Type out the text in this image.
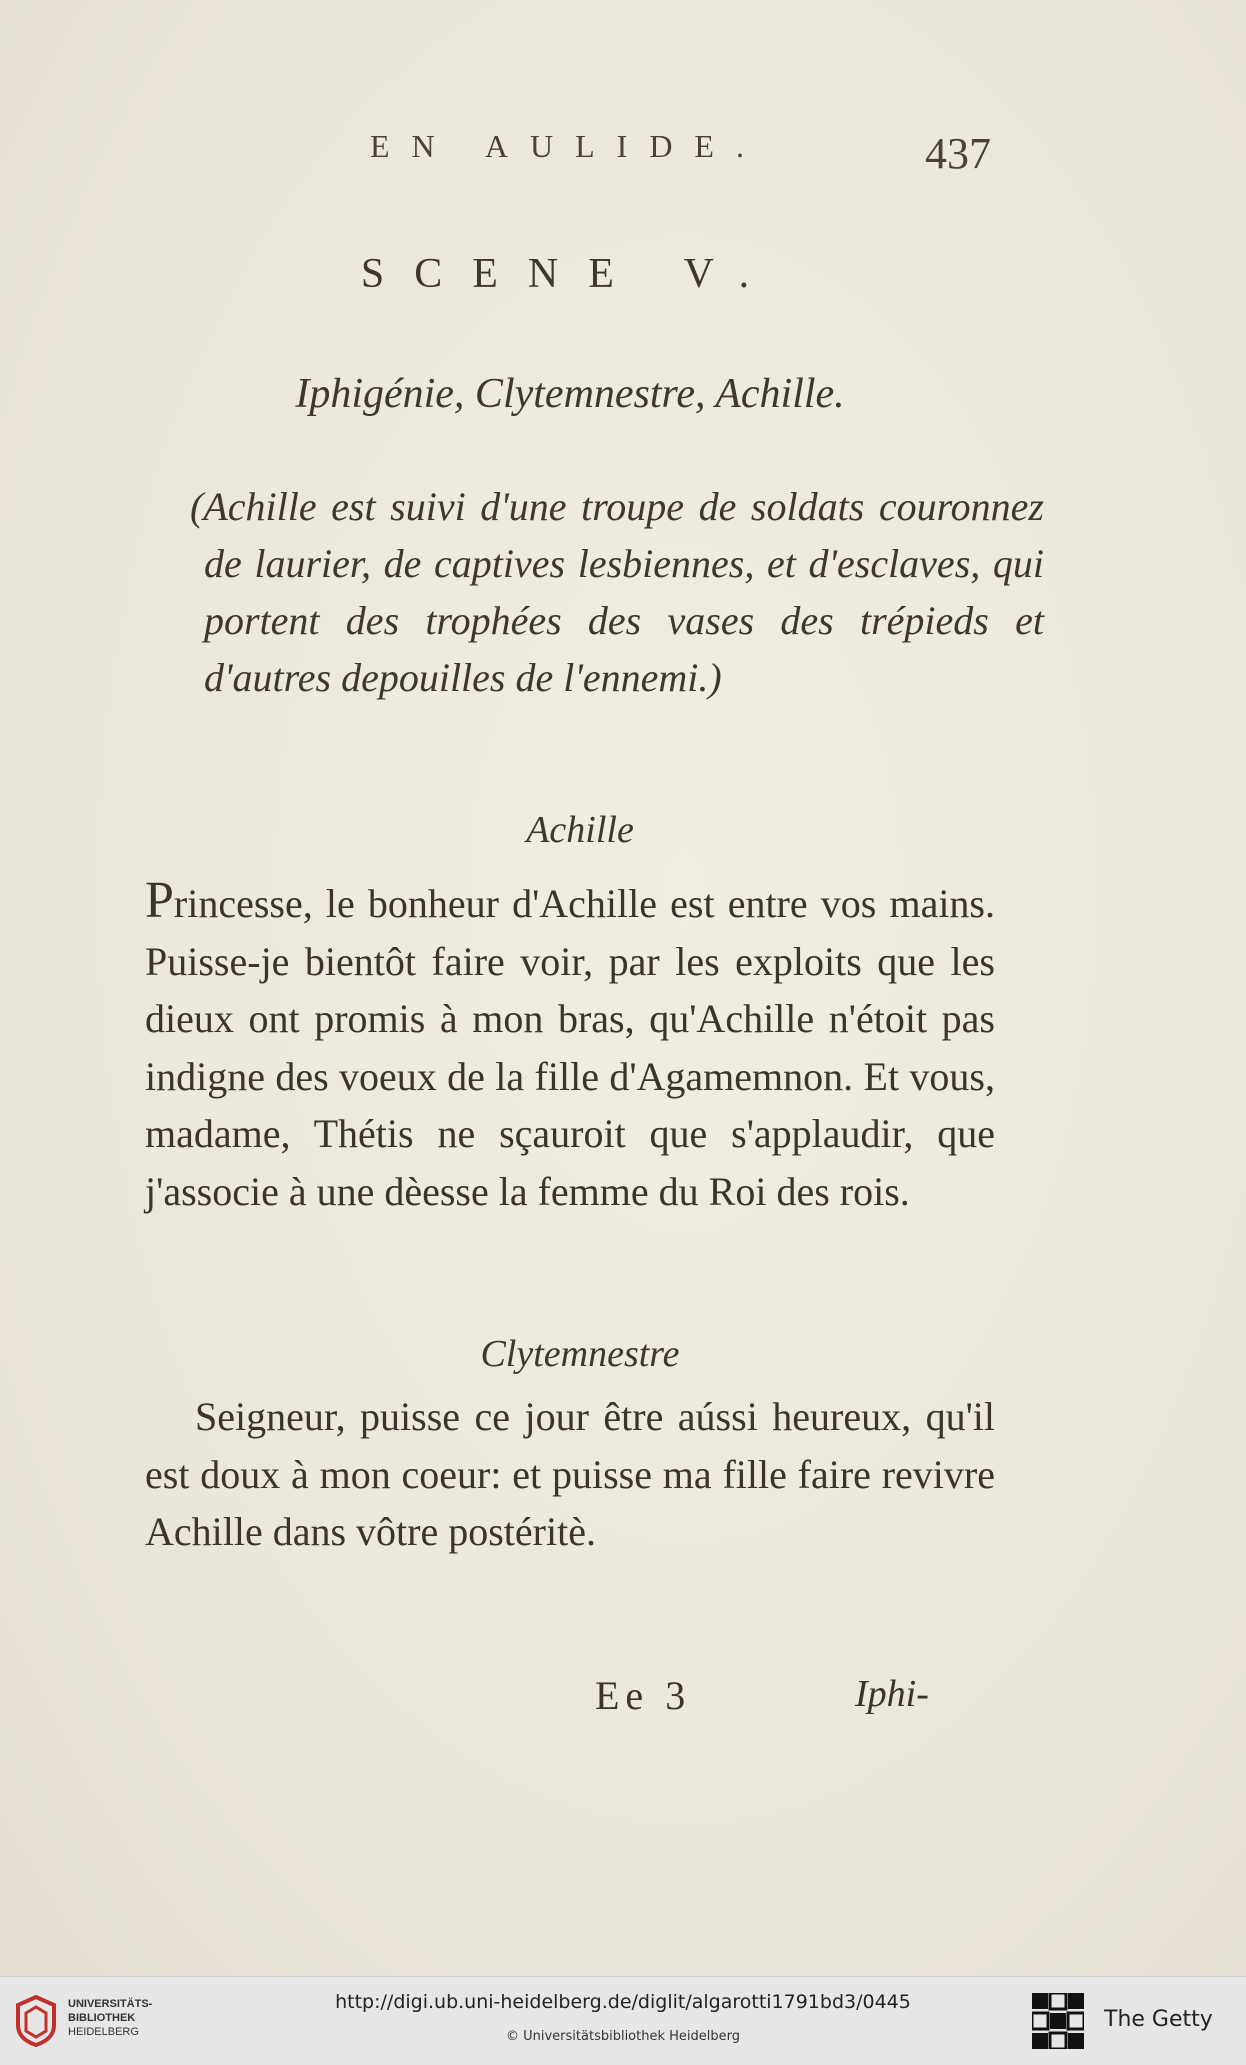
EN AULIDE.	437
SCENE V.
Iphigénie, Clytemnestre, Achille.
(Achille est suivi d'une troupe de soldats couronnez de laurier, de captives lesbiennes, et d'esclaves, qui portent des trophées des vases des trépieds et d'autres depouilles de l'ennemi.)
Achille
Princesse, le bonheur d'Achille est entre vos mains. Puisse-je bientôt faire voir, par les exploits que les dieux ont promis à mon bras, qu'Achille n'étoit pas indigne des voeux de la fille d'Agamemnon. Et vous, madame, Thétis ne sçauroit que s'applaudir, que j'associe à une dèesse la femme du Roi des rois.
Clytemnestre
Seigneur, puisse ce jour être aússi heureux, qu'il est doux à mon coeur: et puisse ma fille faire revivre Achille dans vôtre postéritè.
Ee 3	Iphi-
UNIVERSITÄTS-
BIBLIOTHEK
HEIDELBERG
http://digi.ub.uni-heidelberg.de/diglit/algarotti1791bd3/0445
© Universitätsbibliothek Heidelberg
The Getty
